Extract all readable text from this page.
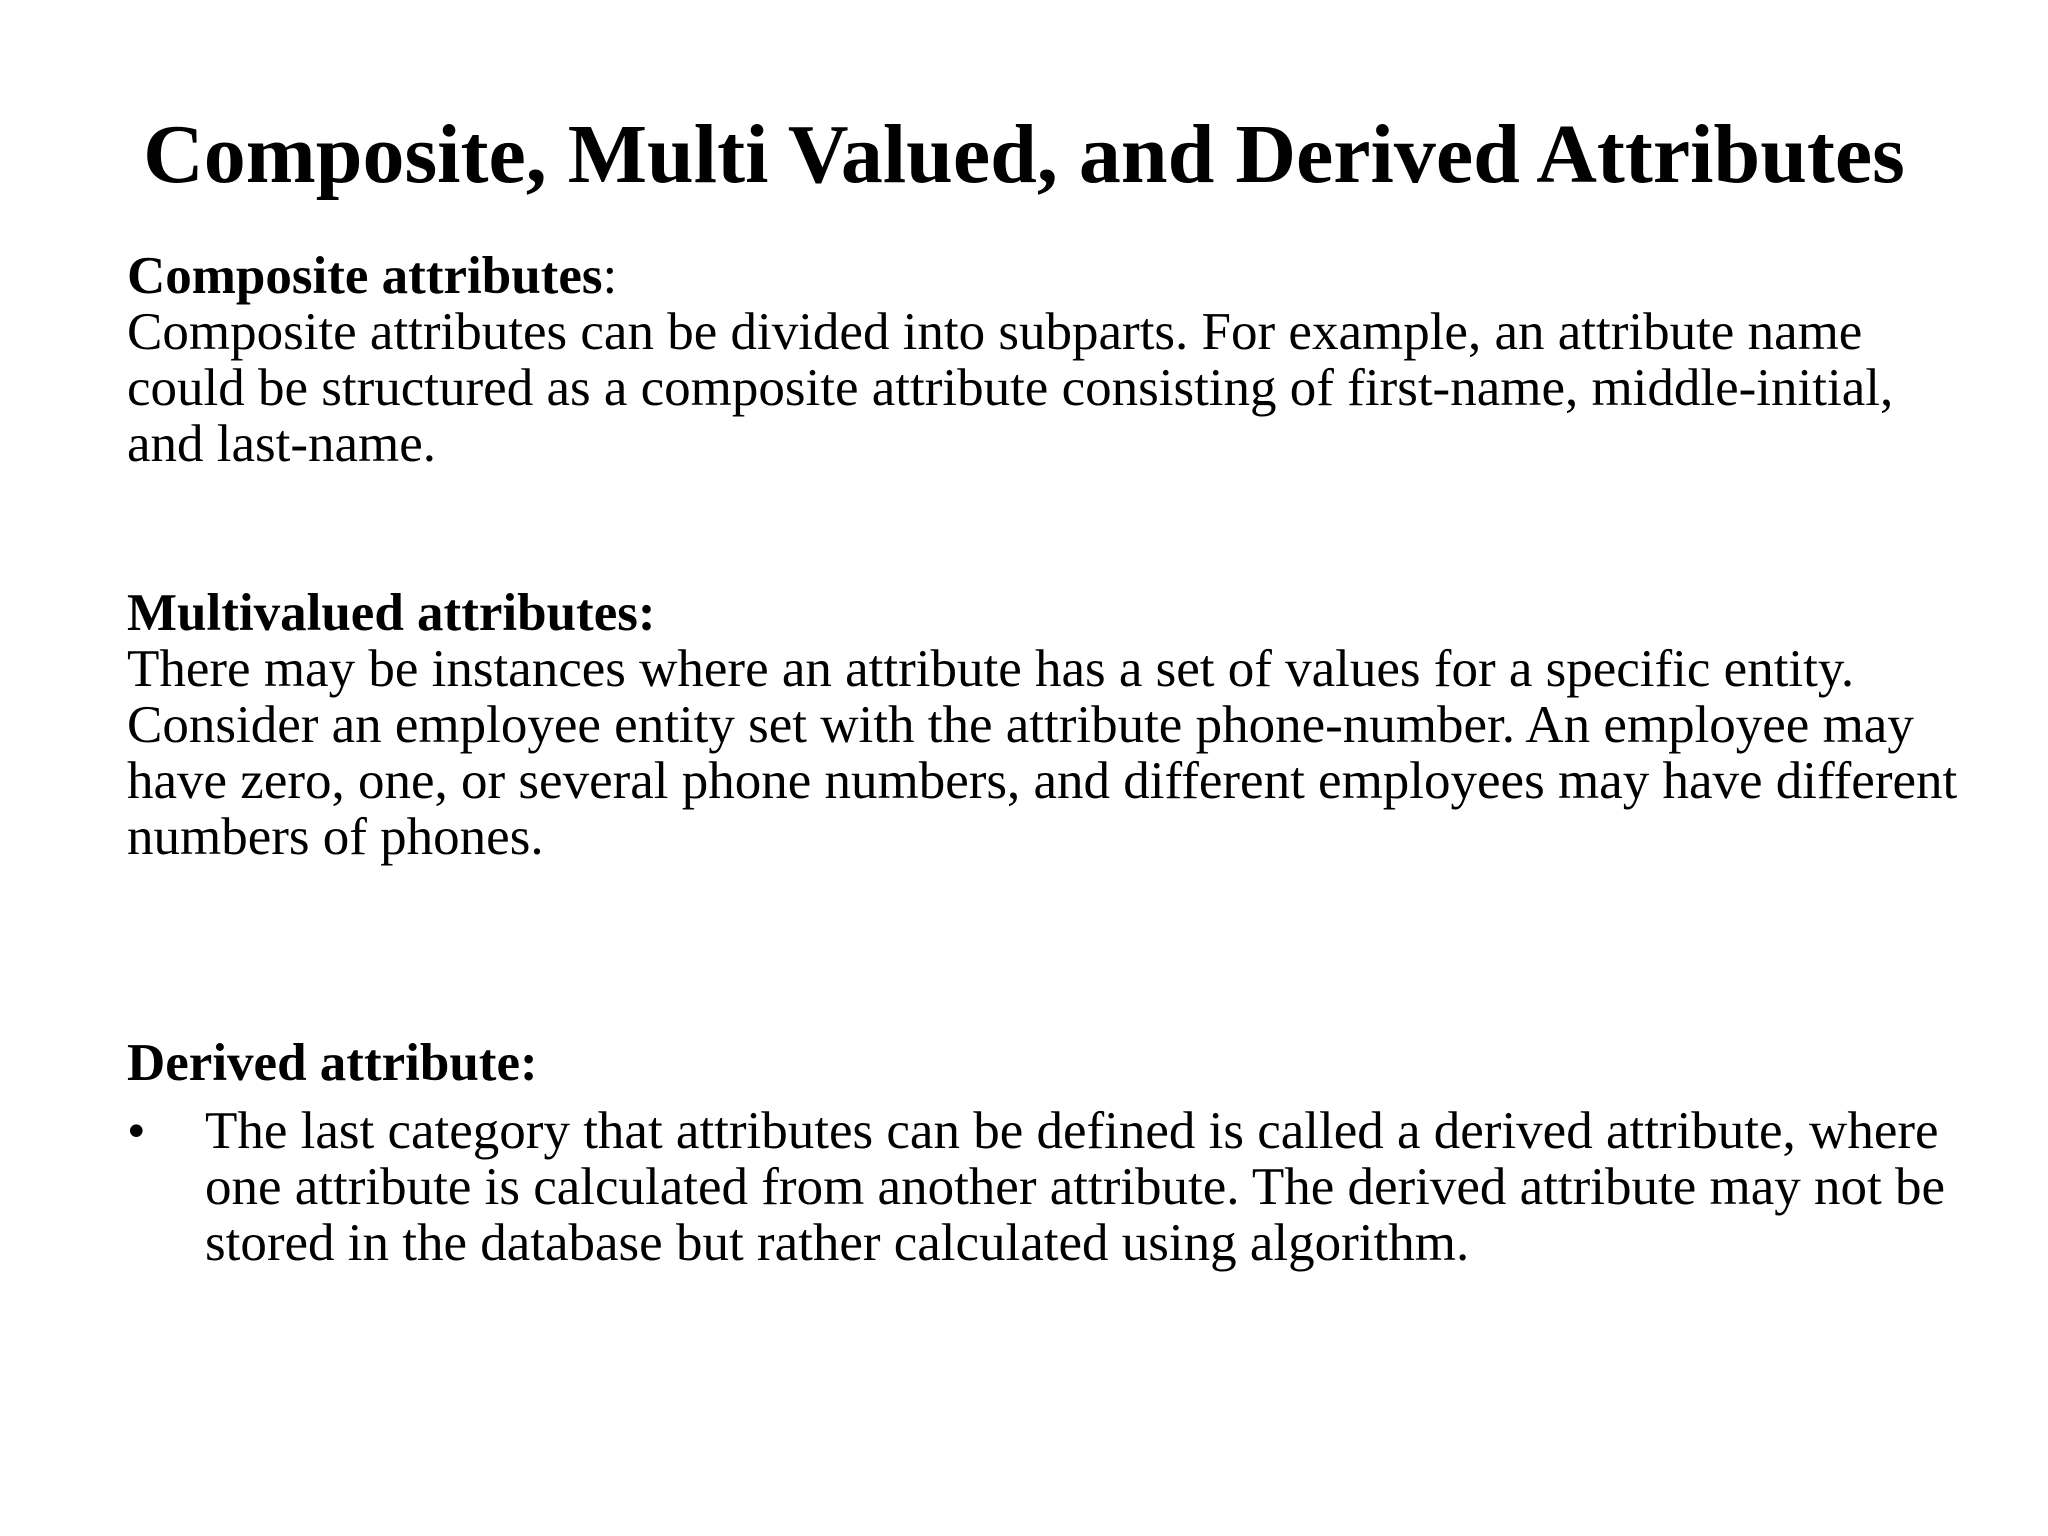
Composite, Multi Valued, and Derived Attributes
Composite attributes:
Composite attributes can be divided into subparts. For example, an attribute name could be structured as a composite attribute consisting of first-name, middle-initial, and last-name.
Multivalued attributes:
There may be instances where an attribute has a set of values for a specific entity. Consider an employee entity set with the attribute phone-number. An employee may have zero, one, or several phone numbers, and different employees may have different numbers of phones.
Derived attribute:
• The last category that attributes can be defined is called a derived attribute, where one attribute is calculated from another attribute. The derived attribute may not be stored in the database but rather calculated using algorithm.
